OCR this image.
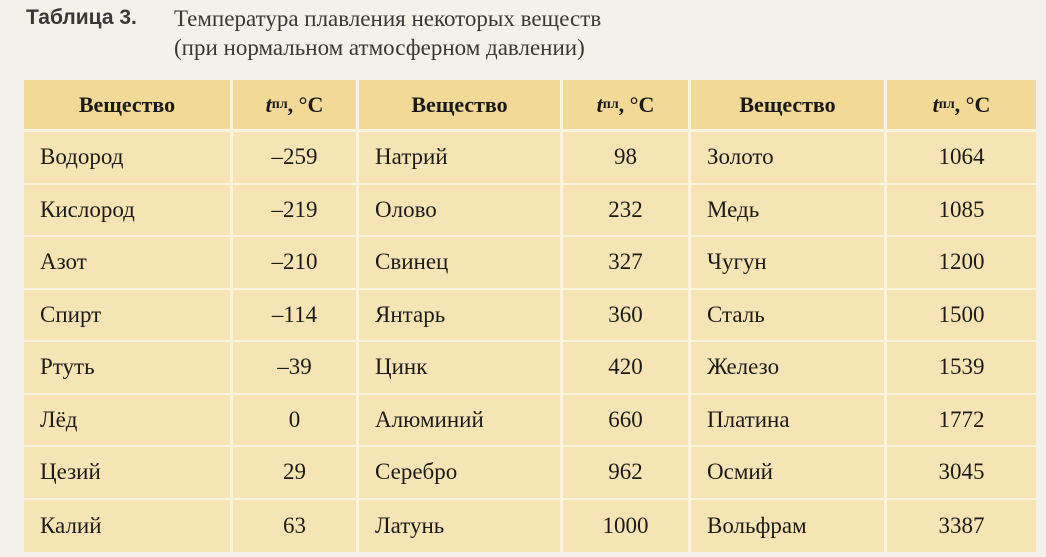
Таблица 3. Температура плавления некоторых веществ
(при нормальном атмосферном давлении)
Вещество	t пл , °C	Вещество	t пл , °C	Вещество	t пл , °C
Водород	–259	Натрий	98	Золото	1064
Кислород	–219	Олово	232	Медь	1085
Азот	–210	Свинец	327	Чугун	1200
Спирт	–114	Янтарь	360	Сталь	1500
Ртуть	–39	Цинк	420	Железо	1539
Лёд	0	Алюминий	660	Платина	1772
Цезий	29	Серебро	962	Осмий	3045
Калий	63	Латунь	1000	Вольфрам	3387
